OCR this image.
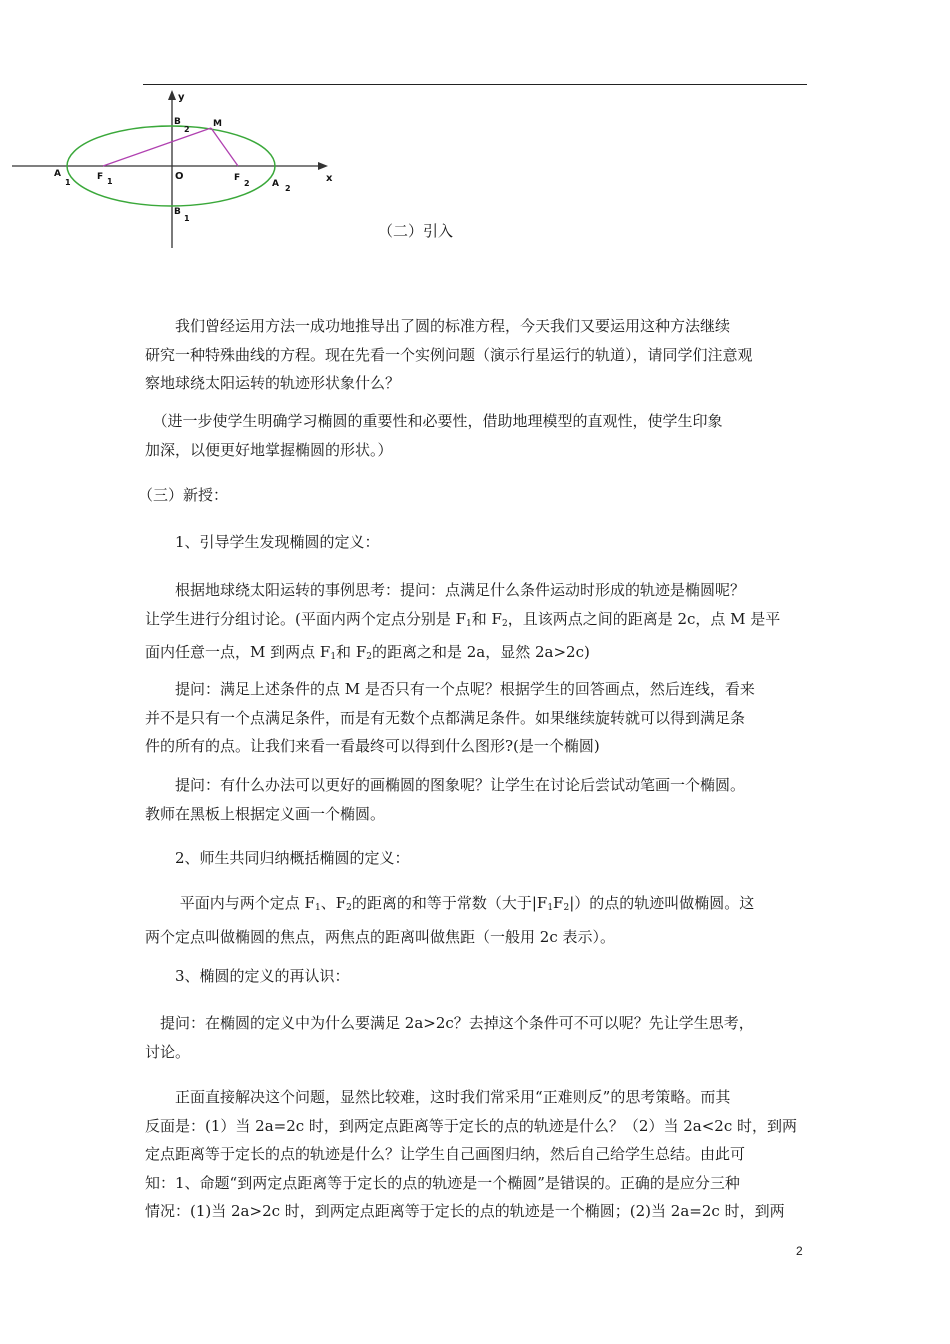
y
x
O
M
A
1	A 2
B
2
B
1
F 1	F
2
（二）引入

　　我们曾经运用方法一成功地推导出了圆的标准方程，今天我们又要运用这种方法继续

研究一种特殊曲线的方程。现在先看一个实例问题（演示行星运行的轨道），请同学们注意观

察地球绕太阳运转的轨迹形状象什么？

　（进一步使学生明确学习椭圆的重要性和必要性，借助地理模型的直观性，使学生印象

加深，以便更好地掌握椭圆的形状。）

（三）新授：
　　1、引导学生发现椭圆的定义：

　　根据地球绕太阳运转的事例思考：提问：点满足什么条件运动时形成的轨迹是椭圆呢？

让学生进行分组讨论。(平面内两个定点分别是 $F_1$和 $F_2$，且该两点之间的距离是 2c，点 M 是平

面内任意一点，M 到两点 $F_1$和 $F_2$的距离之和是 2a，显然 2a>2c)

　　提问：满足上述条件的点 M 是否只有一个点呢？根据学生的回答画点，然后连线，看来

并不是只有一个点满足条件，而是有无数个点都满足条件。如果继续旋转就可以得到满足条

件的所有的点。让我们来看一看最终可以得到什么图形?(是一个椭圆)

　　提问：有什么办法可以更好的画椭圆的图象呢？让学生在讨论后尝试动笔画一个椭圆。

教师在黑板上根据定义画一个椭圆。

　　2、师生共同归纳概括椭圆的定义：

　　 平面内与两个定点 $F_1$、$F_2$的距离的和等于常数（大于$|F_1F_2|$）的点的轨迹叫做椭圆。这

两个定点叫做椭圆的焦点，两焦点的距离叫做焦距（一般用 2c 表示）。

　　3、椭圆的定义的再认识：

　提问：在椭圆的定义中为什么要满足 2a>2c？去掉这个条件可不可以呢？先让学生思考，

讨论。

　　正面直接解决这个问题，显然比较难，这时我们常采用“正难则反”的思考策略。而其

反面是：(1）当 2a=2c 时，到两定点距离等于定长的点的轨迹是什么？（2）当 2a<2c 时，到两

定点距离等于定长的点的轨迹是什么？让学生自己画图归纳，然后自己给学生总结。由此可

知：1、命题“到两定点距离等于定长的点的轨迹是一个椭圆”是错误的。正确的是应分三种

情况：(1)当 2a>2c 时，到两定点距离等于定长的点的轨迹是一个椭圆；(2)当 2a=2c 时，到两

2
